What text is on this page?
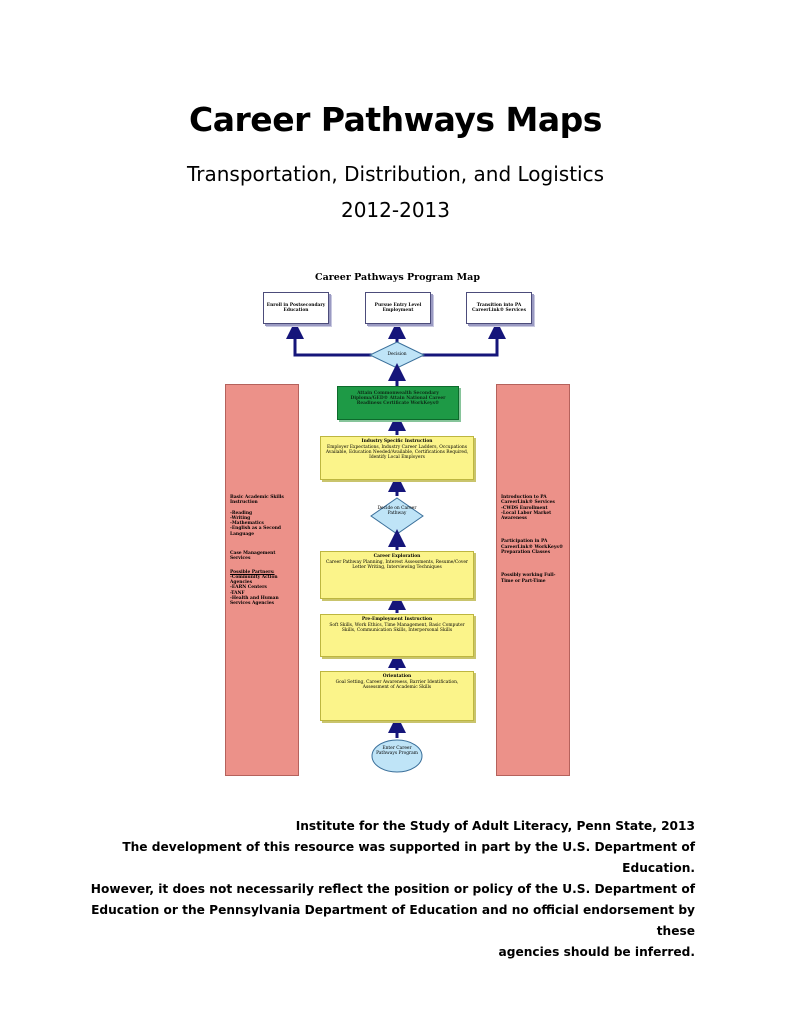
Career Pathways Maps
Transportation, Distribution, and Logistics
2012-2013
Career Pathways Program Map
Enroll in Postsecondary Education
Pursue Entry Level Employment
Transition into PA CareerLink® Services
Decision
Attain Commonwealth Secondary Diploma/GED® Attain National Career Readiness Certificate WorkKeys®
Industry Specific Instruction
Employer Expectations, Industry Career Ladders, Occupations Available, Education Needed/Available, Certifications Required, Identify Local Employers
Decide on Career Pathway
Career Exploration
Career Pathway Planning, Interest Assessments, Resume/Cover Letter Writing, Interviewing Techniques
Pre-Employment Instruction
Soft Skills, Work Ethics, Time Management, Basic Computer Skills, Communication Skills, Interpersonal Skills
Orientation
Goal Setting, Career Awareness, Barrier Identification, Assessment of Academic Skills
Enter Career Pathways Program
Basic Academic Skills Instruction
-Reading
-Writing
-Mathematics
-English as a Second Language
Case Management Services
Possible Partners:
-Community Action Agencies
-EARN Centers
-TANF
-Health and Human Services Agencies
Introduction to PA CareerLink® Services
-CWDS Enrollment
-Local Labor Market Awareness
Participation in PA CareerLink® WorkKeys® Preparation Classes
Possibly working Full-Time or Part-Time
Institute for the Study of Adult Literacy, Penn State, 2013
The development of this resource was supported in part by the U.S. Department of Education.
However, it does not necessarily reflect the position or policy of the U.S. Department of
Education or the Pennsylvania Department of Education and no official endorsement by these
agencies should be inferred.
